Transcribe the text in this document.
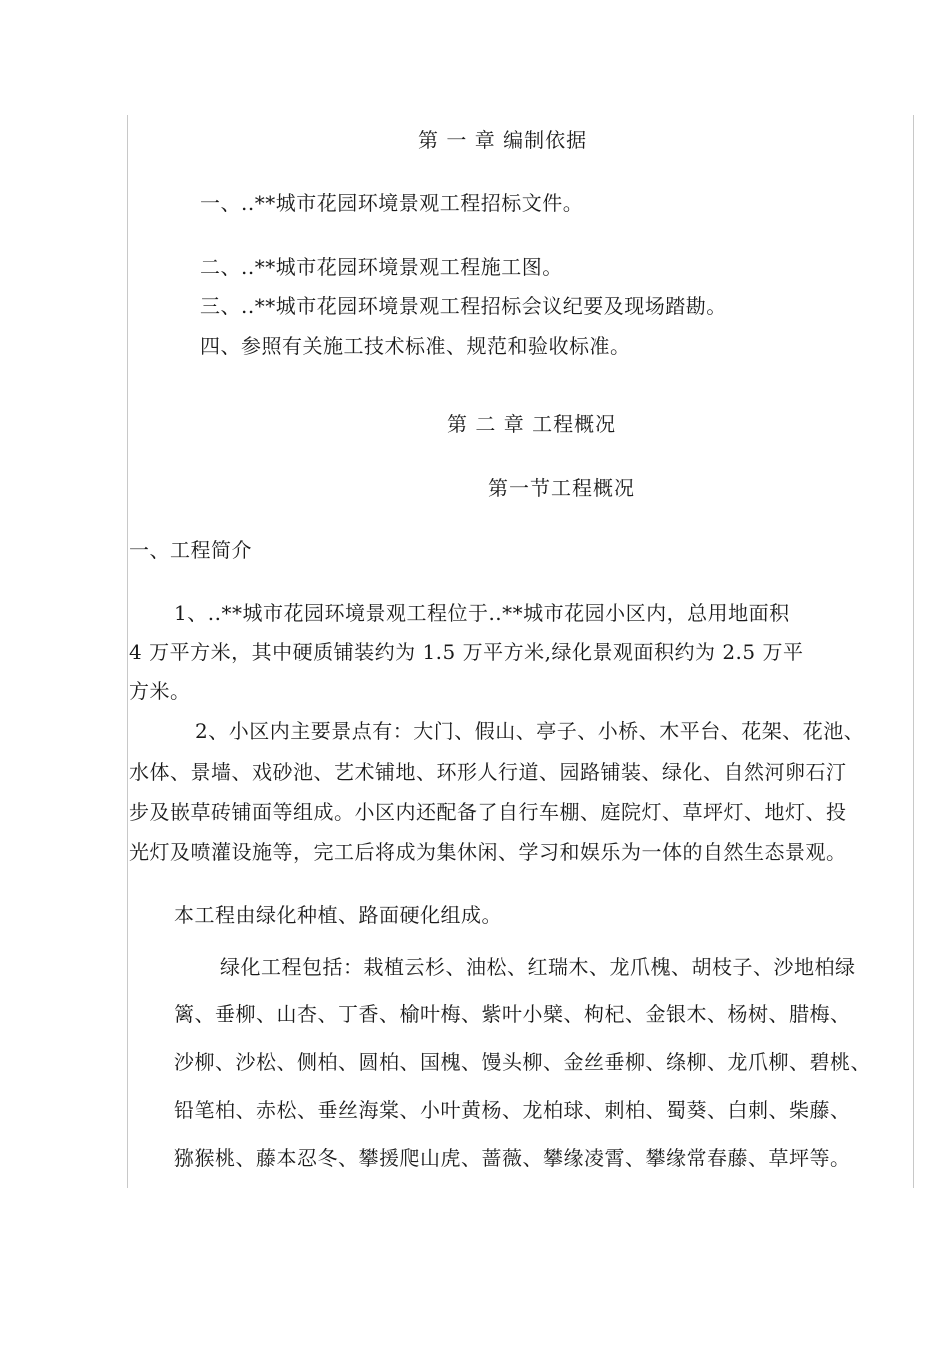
第 一 章 编制依据
一、..**城市花园环境景观工程招标文件。
二、..**城市花园环境景观工程施工图。
三、..**城市花园环境景观工程招标会议纪要及现场踏勘。
四、参照有关施工技术标准、规范和验收标准。
第 二 章 工程概况
第一节工程概况
一、工程简介
1、..**城市花园环境景观工程位于..**城市花园小区内，总用地面积
4 万平方米，其中硬质铺装约为 1.5 万平方米,绿化景观面积约为 2.5 万平
方米。
2、小区内主要景点有：大门、假山、亭子、小桥、木平台、花架、花池、
水体、景墙、戏砂池、艺术铺地、环形人行道、园路铺装、绿化、自然河卵石汀
步及嵌草砖铺面等组成。小区内还配备了自行车棚、庭院灯、草坪灯、地灯、投
光灯及喷灌设施等，完工后将成为集休闲、学习和娱乐为一体的自然生态景观。
本工程由绿化种植、路面硬化组成。
绿化工程包括：栽植云杉、油松、红瑞木、龙爪槐、胡枝子、沙地柏绿
篱、垂柳、山杏、丁香、榆叶梅、紫叶小檗、枸杞、金银木、杨树、腊梅、
沙柳、沙松、侧柏、圆柏、国槐、馒头柳、金丝垂柳、绦柳、龙爪柳、碧桃、
铅笔柏、赤松、垂丝海棠、小叶黄杨、龙柏球、刺柏、蜀葵、白刺、柴藤、
猕猴桃、藤本忍冬、攀援爬山虎、蔷薇、攀缘凌霄、攀缘常春藤、草坪等。
